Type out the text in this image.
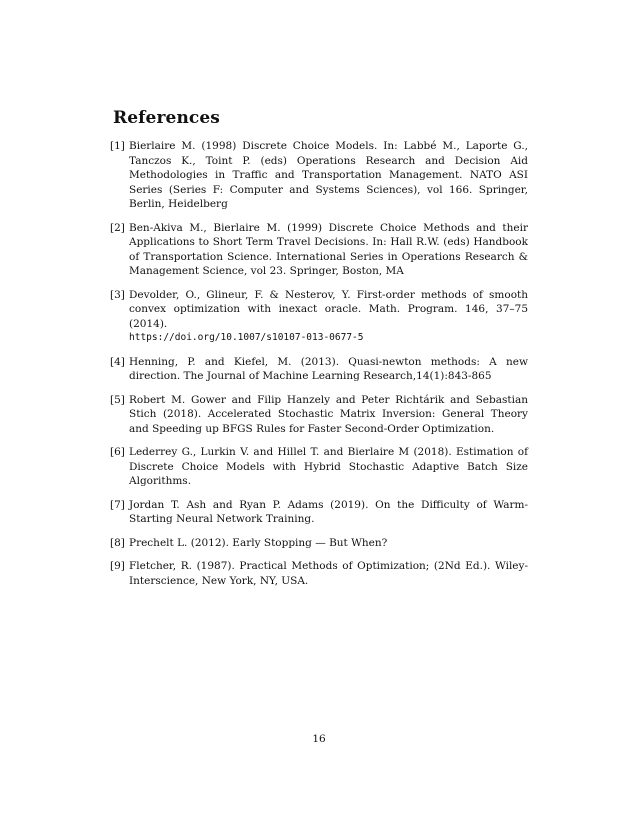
References
[1] Bierlaire M. (1998) Discrete Choice Models. In: Labbé M., Laporte G., Tanczos K., Toint P. (eds) Operations Research and Decision Aid Methodologies in Traffic and Transportation Management. NATO ASI Series (Series F: Computer and Systems Sciences), vol 166. Springer, Berlin, Heidelberg
[2] Ben-Akiva M., Bierlaire M. (1999) Discrete Choice Methods and their Applications to Short Term Travel Decisions. In: Hall R.W. (eds) Handbook of Transportation Science. International Series in Operations Research & Management Science, vol 23. Springer, Boston, MA
[3] Devolder, O., Glineur, F. & Nesterov, Y. First-order methods of smooth convex optimization with inexact oracle. Math. Program. 146, 37–75 (2014).
https://doi.org/10.1007/s10107-013-0677-5
[4] Henning, P. and Kiefel, M. (2013). Quasi-newton methods: A new direction. The Journal of Machine Learning Research,14(1):843-865
[5] Robert M. Gower and Filip Hanzely and Peter Richtárik and Sebastian Stich (2018). Accelerated Stochastic Matrix Inversion: General Theory and Speeding up BFGS Rules for Faster Second-Order Optimization.
[6] Lederrey G., Lurkin V. and Hillel T. and Bierlaire M (2018). Estimation of Discrete Choice Models with Hybrid Stochastic Adaptive Batch Size Algorithms.
[7] Jordan T. Ash and Ryan P. Adams (2019). On the Difficulty of Warm-Starting Neural Network Training.
[8] Prechelt L. (2012). Early Stopping — But When?
[9] Fletcher, R. (1987). Practical Methods of Optimization; (2Nd Ed.). Wiley-Interscience, New York, NY, USA.
16
